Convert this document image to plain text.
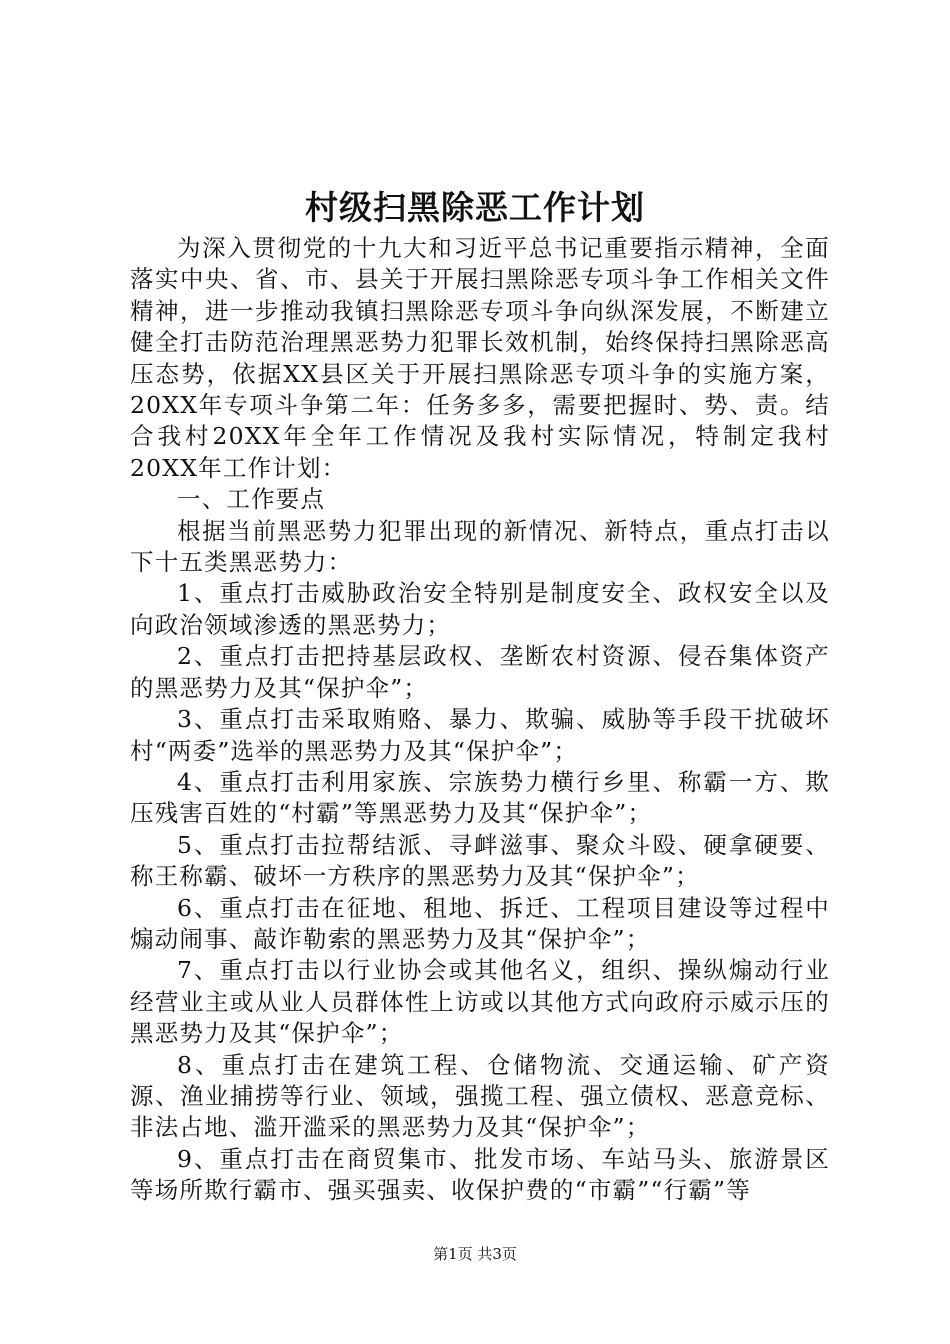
村级扫黑除恶工作计划

为深入贯彻党的十九大和习近平总书记重要指示精神，全面落实中央、省、市、县关于开展扫黑除恶专项斗争工作相关文件精神，进一步推动我镇扫黑除恶专项斗争向纵深发展，不断建立健全打击防范治理黑恶势力犯罪长效机制，始终保持扫黑除恶高压态势，依据XX县区关于开展扫黑除恶专项斗争的实施方案，20XX年专项斗争第二年：任务多多，需要把握时、势、责。结合我村20XX年全年工作情况及我村实际情况，特制定我村20XX年工作计划：

一、工作要点

根据当前黑恶势力犯罪出现的新情况、新特点，重点打击以下十五类黑恶势力：

1、重点打击威胁政治安全特别是制度安全、政权安全以及向政治领域渗透的黑恶势力；

2、重点打击把持基层政权、垄断农村资源、侵吞集体资产的黑恶势力及其“保护伞”；

3、重点打击采取贿赂、暴力、欺骗、威胁等手段干扰破坏村“两委”选举的黑恶势力及其“保护伞”；

4、重点打击利用家族、宗族势力横行乡里、称霸一方、欺压残害百姓的“村霸”等黑恶势力及其“保护伞”；

5、重点打击拉帮结派、寻衅滋事、聚众斗殴、硬拿硬要、称王称霸、破坏一方秩序的黑恶势力及其“保护伞”；

6、重点打击在征地、租地、拆迁、工程项目建设等过程中煽动闹事、敲诈勒索的黑恶势力及其“保护伞”；

7、重点打击以行业协会或其他名义，组织、操纵煽动行业经营业主或从业人员群体性上访或以其他方式向政府示威示压的黑恶势力及其“保护伞”；

8、重点打击在建筑工程、仓储物流、交通运输、矿产资源、渔业捕捞等行业、领域，强揽工程、强立债权、恶意竞标、非法占地、滥开滥采的黑恶势力及其“保护伞”；

9、重点打击在商贸集市、批发市场、车站马头、旅游景区等场所欺行霸市、强买强卖、收保护费的“市霸”“行霸”等

第1页 共3页
